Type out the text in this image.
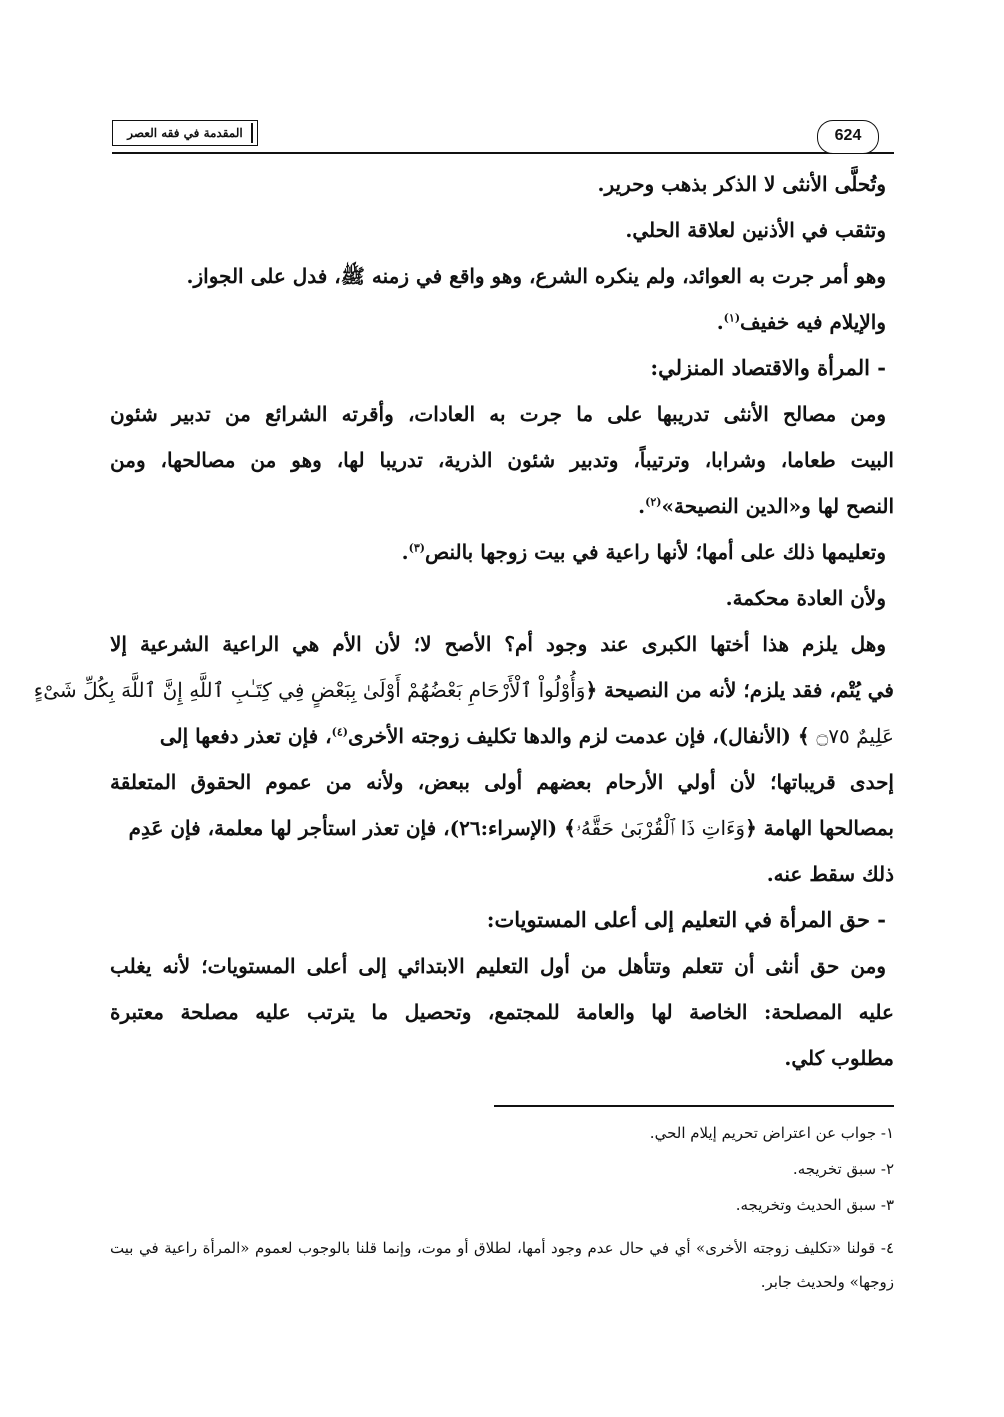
المقدمة في فقه العصر	624
وتُحلَّى الأنثى لا الذكر بذهب وحرير.
وتثقب في الأذنين لعلاقة الحلي.
وهو أمر جرت به العوائد، ولم ينكره الشرع، وهو واقع في زمنه ﷺ، فدل على الجواز.
والإيلام فيه خفيف$^{(١)}$.
- المرأة والاقتصاد المنزلي:
ومن مصالح الأنثى تدريبها على ما جرت به العادات، وأقرته الشرائع من تدبير شئون
البيت طعاما، وشرابا، وترتيباً، وتدبير شئون الذرية، تدريبا لها، وهو من مصالحها، ومن
النصح لها و«الدين النصيحة»$^{(٢)}$.
وتعليمها ذلك على أمها؛ لأنها راعية في بيت زوجها بالنص$^{(٣)}$.
ولأن العادة محكمة.
وهل يلزم هذا أختها الكبرى عند وجود أم؟ الأصح لا؛ لأن الأم هي الراعية الشرعية إلا
في يُتْم، فقد يلزم؛ لأنه من النصيحة ﴿وَأُوْلُواْ ٱلْأَرْحَامِ بَعْضُهُمْ أَوْلَىٰ بِبَعْضٍ فِي كِتَـٰبِ ٱللَّهِ إِنَّ ٱللَّهَ بِكُلِّ شَىْءٍ
عَلِيمٌ ۝٧٥ ﴾ (الأنفال)، فإن عدمت لزم والدها تكليف زوجته الأخرى$^{(٤)}$، فإن تعذر دفعها إلى
إحدى قريباتها؛ لأن أولي الأرحام بعضهم أولى ببعض، ولأنه من عموم الحقوق المتعلقة
بمصالحها الهامة ﴿وَءَاتِ ذَا ٱلْقُرْبَىٰ حَقَّهُۥ﴾ (الإسراء:٢٦)، فإن تعذر استأجر لها معلمة، فإن عَدِم
ذلك سقط عنه.
- حق المرأة في التعليم إلى أعلى المستويات:
ومن حق أنثى أن تتعلم وتتأهل من أول التعليم الابتدائي إلى أعلى المستويات؛ لأنه يغلب
عليه المصلحة: الخاصة لها والعامة للمجتمع، وتحصيل ما يترتب عليه مصلحة معتبرة
مطلوب كلي.
١- جواب عن اعتراض تحريم إيلام الحي.
٢- سبق تخريجه.
٣- سبق الحديث وتخريجه.
٤- قولنا «تكليف زوجته الأخرى» أي في حال عدم وجود أمها، لطلاق أو موت، وإنما قلنا بالوجوب لعموم «المرأة راعية في بيت زوجها» ولحديث جابر.
